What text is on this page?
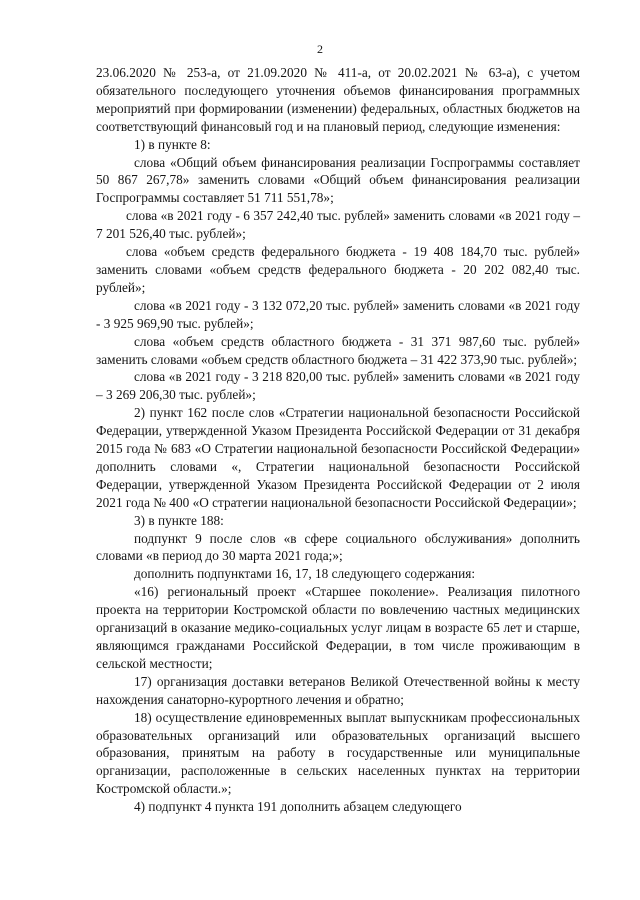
2

23.06.2020 № 253-а, от 21.09.2020 № 411-а, от 20.02.2021 № 63-а), с учетом обязательного последующего уточнения объемов финансирования программных мероприятий при формировании (изменении) федеральных, областных бюджетов на соответствующий финансовый год и на плановый период, следующие изменения:

1) в пункте 8:

слова «Общий объем финансирования реализации Госпрограммы составляет 50 867 267,78» заменить словами «Общий объем финансирования реализации Госпрограммы составляет 51 711 551,78»;

слова «в 2021 году - 6 357 242,40 тыс. рублей» заменить словами «в 2021 году – 7 201 526,40 тыс. рублей»;

слова «объем средств федерального бюджета - 19 408 184,70 тыс. рублей» заменить словами «объем средств федерального бюджета - 20 202 082,40 тыс. рублей»;

слова «в 2021 году - 3 132 072,20 тыс. рублей» заменить словами «в 2021 году - 3 925 969,90 тыс. рублей»;

слова «объем средств областного бюджета - 31 371 987,60 тыс. рублей» заменить словами «объем средств областного бюджета – 31 422 373,90 тыс. рублей»;

слова «в 2021 году - 3 218 820,00 тыс. рублей» заменить словами «в 2021 году – 3 269 206,30 тыс. рублей»;

2) пункт 162 после слов «Стратегии национальной безопасности Российской Федерации, утвержденной Указом Президента Российской Федерации от 31 декабря 2015 года № 683 «О Стратегии национальной безопасности Российской Федерации» дополнить словами «, Стратегии национальной безопасности Российской Федерации, утвержденной Указом Президента Российской Федерации от 2 июля 2021 года № 400 «О стратегии национальной безопасности Российской Федерации»;

3) в пункте 188:

подпункт 9 после слов «в сфере социального обслуживания» дополнить словами «в период до 30 марта 2021 года;»;

дополнить подпунктами 16, 17, 18 следующего содержания:

«16) региональный проект «Старшее поколение». Реализация пилотного проекта на территории Костромской области по вовлечению частных медицинских организаций в оказание медико-социальных услуг лицам в возрасте 65 лет и старше, являющимся гражданами Российской Федерации, в том числе проживающим в сельской местности;

17) организация доставки ветеранов Великой Отечественной войны к месту нахождения санаторно-курортного лечения и обратно;

18) осуществление единовременных выплат выпускникам профессиональных образовательных организаций или образовательных организаций высшего образования, принятым на работу в государственные или муниципальные организации, расположенные в сельских населенных пунктах на территории Костромской области.»;

4) подпункт 4 пункта 191 дополнить абзацем следующего
